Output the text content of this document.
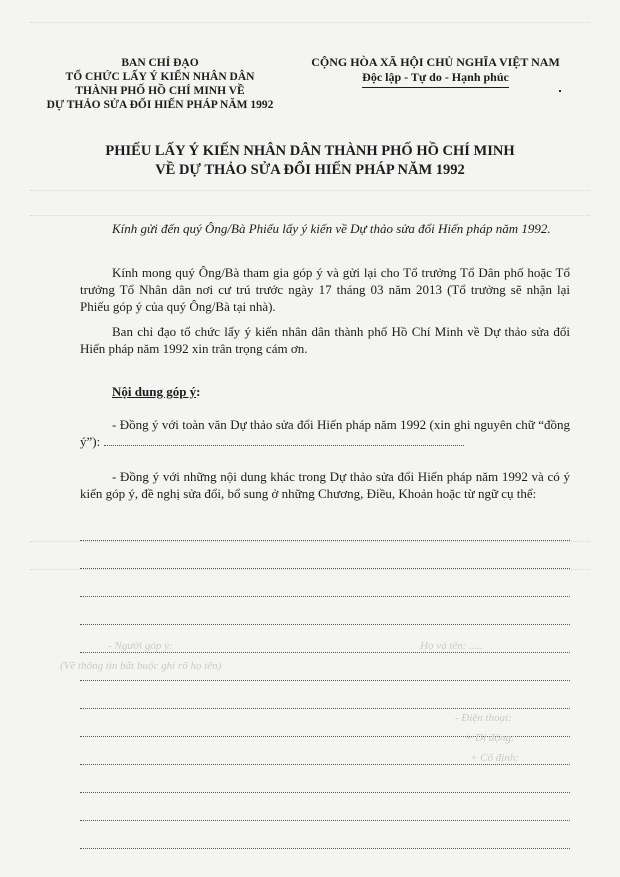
BAN CHỈ ĐẠO
TỔ CHỨC LẤY Ý KIẾN NHÂN DÂN
THÀNH PHỐ HỒ CHÍ MINH VỀ
DỰ THẢO SỬA ĐỔI HIẾN PHÁP NĂM 1992
CỘNG HÒA XÃ HỘI CHỦ NGHĨA VIỆT NAM
Độc lập - Tự do - Hạnh phúc
PHIẾU LẤY Ý KIẾN NHÂN DÂN THÀNH PHỐ HỒ CHÍ MINH
VỀ DỰ THẢO SỬA ĐỔI HIẾN PHÁP NĂM 1992
Kính gửi đến quý Ông/Bà Phiếu lấy ý kiến về Dự thảo sửa đổi Hiến pháp năm 1992.
Kính mong quý Ông/Bà tham gia góp ý và gửi lại cho Tổ trưởng Tổ Dân phố hoặc Tổ trưởng Tổ Nhân dân nơi cư trú trước ngày 17 tháng 03 năm 2013 (Tổ trưởng sẽ nhận lại Phiếu góp ý của quý Ông/Bà tại nhà).
Ban chỉ đạo tổ chức lấy ý kiến nhân dân thành phố Hồ Chí Minh về Dự thảo sửa đổi Hiến pháp năm 1992 xin trân trọng cám ơn.
Nội dung góp ý:
- Đồng ý với toàn văn Dự thảo sửa đổi Hiến pháp năm 1992 (xin ghi nguyên chữ “đồng ý”):
- Đồng ý với những nội dung khác trong Dự thảo sửa đổi Hiến pháp năm 1992 và có ý kiến góp ý, đề nghị sửa đổi, bổ sung ở những Chương, Điều, Khoản hoặc từ ngữ cụ thể:
- Người góp ý:	Họ và tên: .....
(Về thông tin bắt buộc ghi rõ họ tên)
- Điện thoại:
+ Di động:
+ Cố định:
